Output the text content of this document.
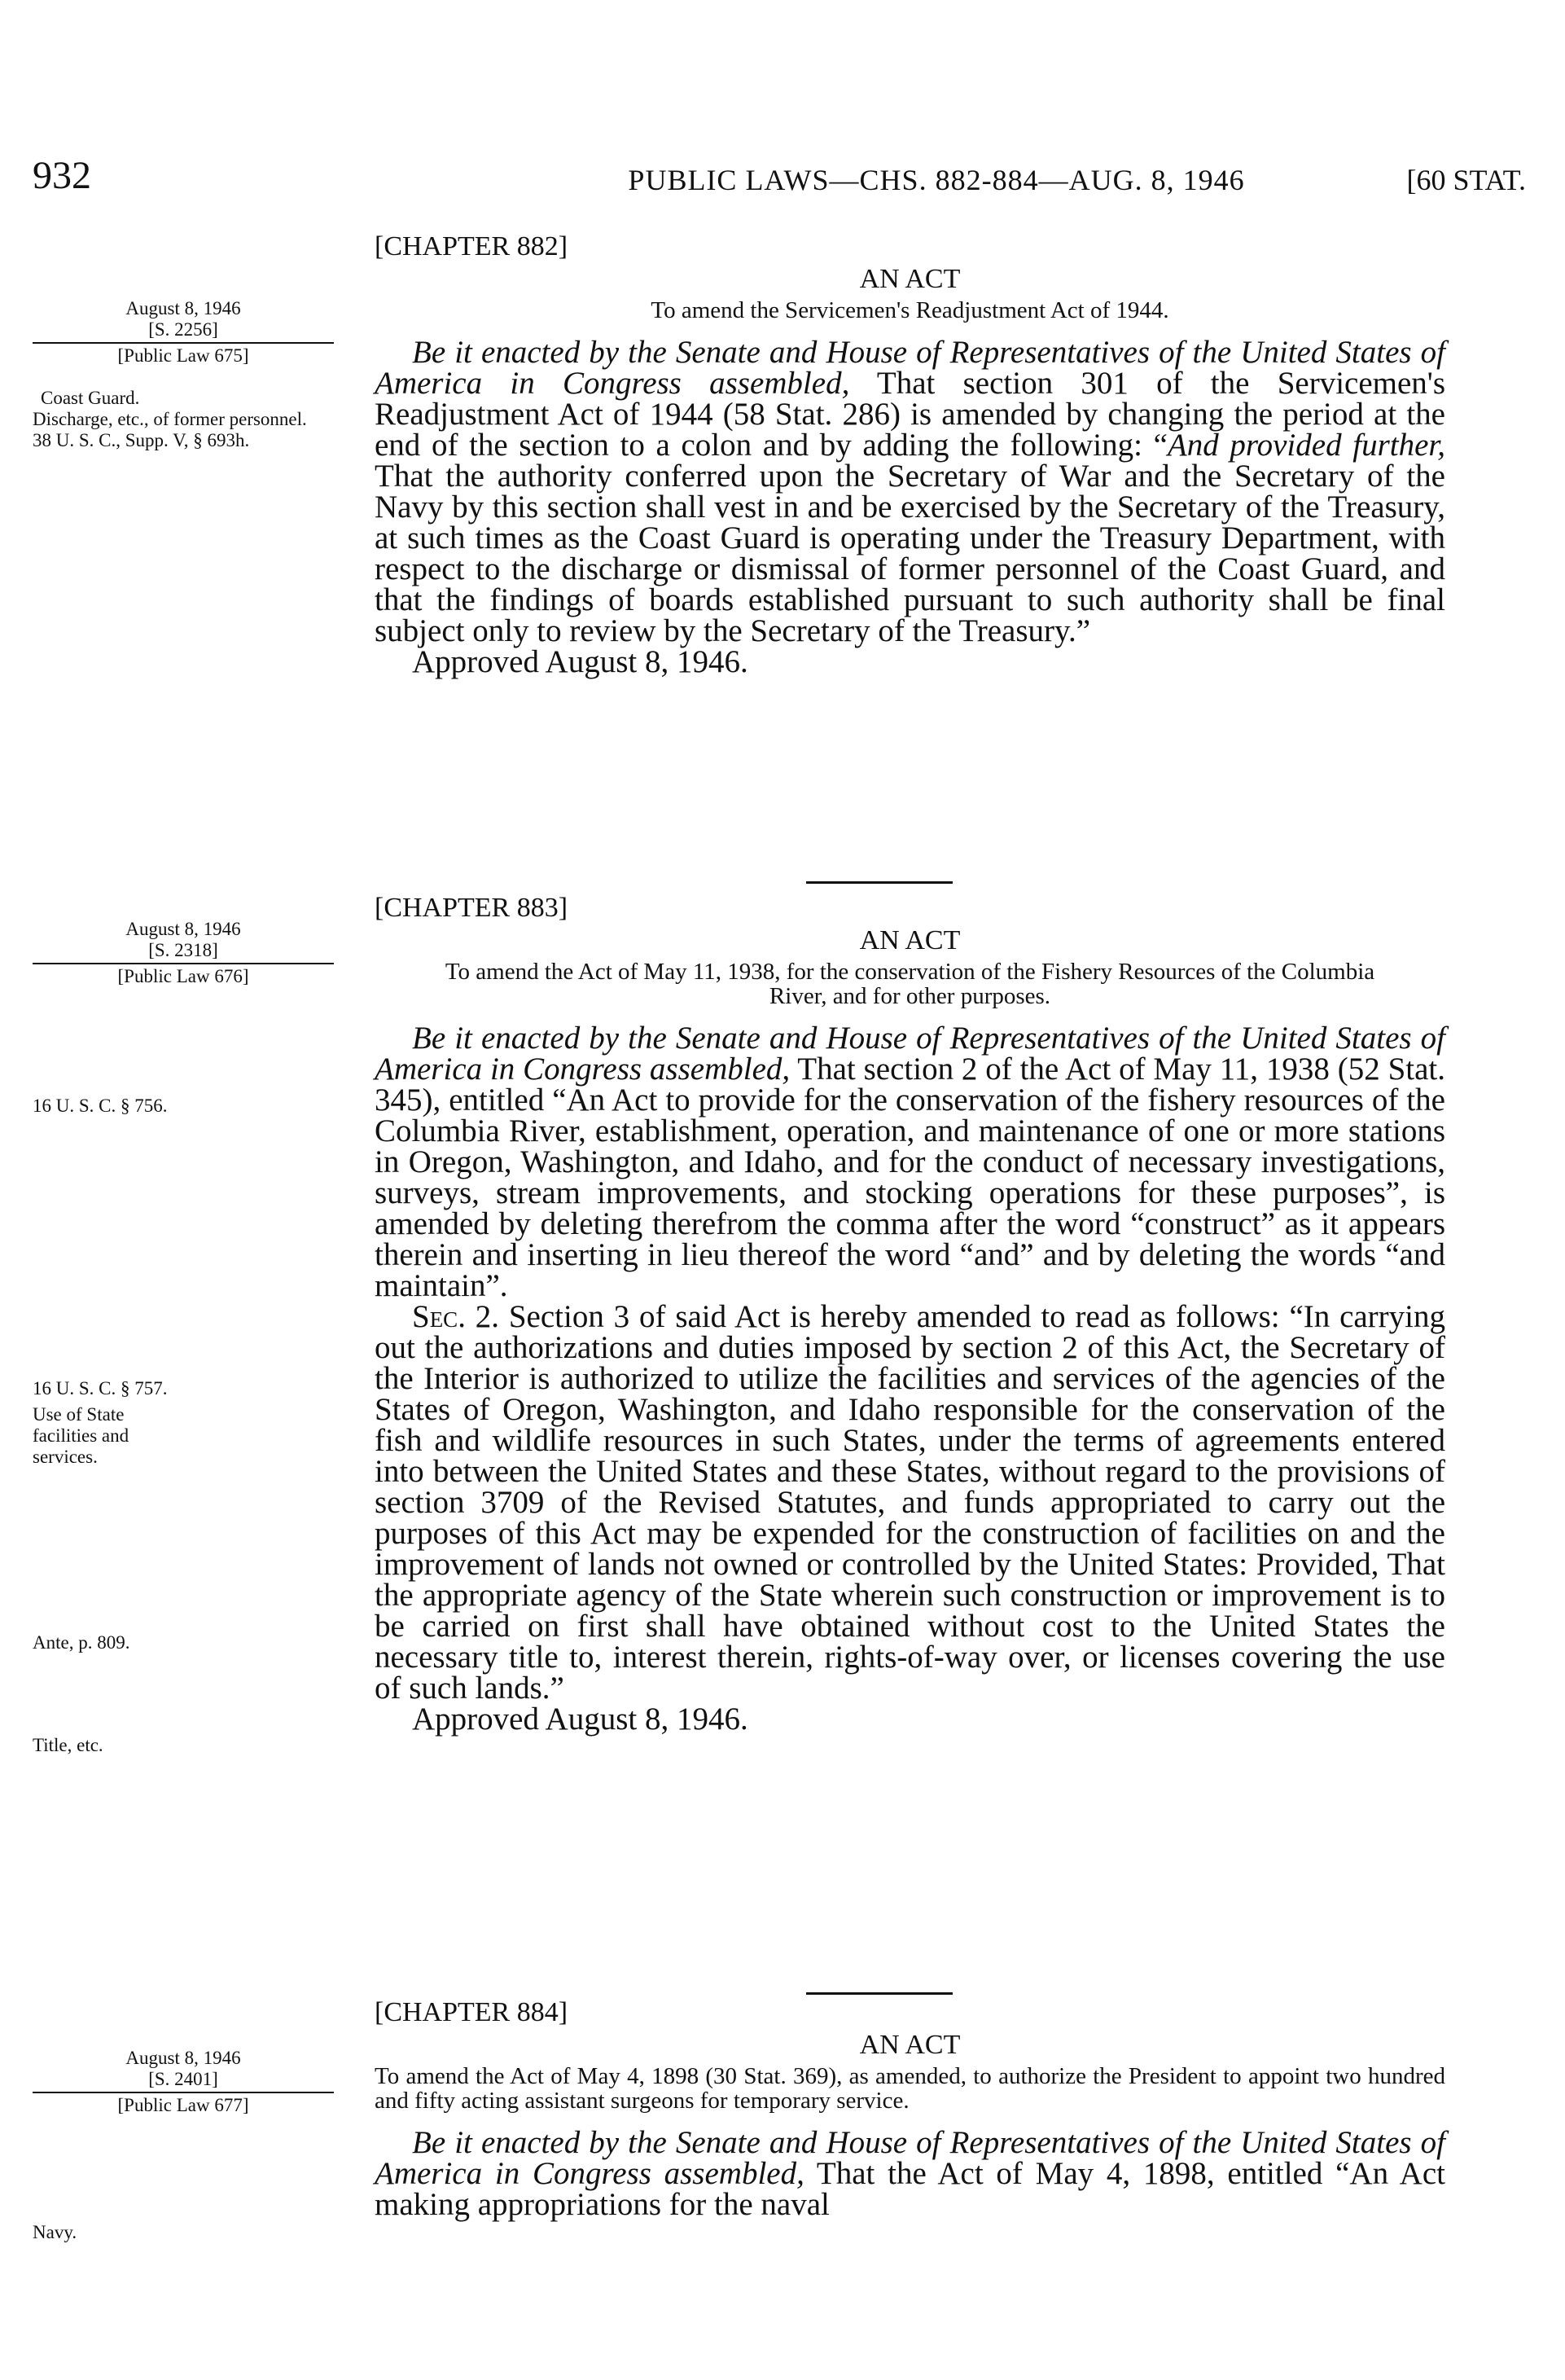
932	PUBLIC LAWS—CHS. 882-884—AUG. 8, 1946	[60 STAT.
August 8, 1946
[S. 2256]
[Public Law 675]
Coast Guard.
Discharge, etc., of former personnel.
38 U. S. C., Supp. V, § 693h.
[CHAPTER 882]
AN ACT
To amend the Servicemen's Readjustment Act of 1944.
Be it enacted by the Senate and House of Representatives of the United States of America in Congress assembled, That section 301 of the Servicemen's Readjustment Act of 1944 (58 Stat. 286) is amended by changing the period at the end of the section to a colon and by adding the following: “And provided further, That the authority conferred upon the Secretary of War and the Secretary of the Navy by this section shall vest in and be exercised by the Secretary of the Treasury, at such times as the Coast Guard is operating under the Treasury Department, with respect to the discharge or dismissal of former personnel of the Coast Guard, and that the findings of boards established pursuant to such authority shall be final subject only to review by the Secretary of the Treasury.”
Approved August 8, 1946.
August 8, 1946
[S. 2318]
[Public Law 676]
16 U. S. C. § 756.
16 U. S. C. § 757.
Use of State facilities and services.
Ante, p. 809.
Title, etc.
[CHAPTER 883]
AN ACT
To amend the Act of May 11, 1938, for the conservation of the Fishery Resources of the Columbia River, and for other purposes.
Be it enacted by the Senate and House of Representatives of the United States of America in Congress assembled, That section 2 of the Act of May 11, 1938 (52 Stat. 345), entitled “An Act to provide for the conservation of the fishery resources of the Columbia River, establishment, operation, and maintenance of one or more stations in Oregon, Washington, and Idaho, and for the conduct of necessary investigations, surveys, stream improvements, and stocking operations for these purposes”, is amended by deleting therefrom the comma after the word “construct” as it appears therein and inserting in lieu thereof the word “and” and by deleting the words “and maintain”.
Sec. 2. Section 3 of said Act is hereby amended to read as follows: “In carrying out the authorizations and duties imposed by section 2 of this Act, the Secretary of the Interior is authorized to utilize the facilities and services of the agencies of the States of Oregon, Washington, and Idaho responsible for the conservation of the fish and wildlife resources in such States, under the terms of agreements entered into between the United States and these States, without regard to the provisions of section 3709 of the Revised Statutes, and funds appropriated to carry out the purposes of this Act may be expended for the construction of facilities on and the improvement of lands not owned or controlled by the United States: Provided, That the appropriate agency of the State wherein such construction or improvement is to be carried on first shall have obtained without cost to the United States the necessary title to, interest therein, rights-of-way over, or licenses covering the use of such lands.”
Approved August 8, 1946.
August 8, 1946
[S. 2401]
[Public Law 677]
Navy.
[CHAPTER 884]
AN ACT
To amend the Act of May 4, 1898 (30 Stat. 369), as amended, to authorize the President to appoint two hundred and fifty acting assistant surgeons for temporary service.
Be it enacted by the Senate and House of Representatives of the United States of America in Congress assembled, That the Act of May 4, 1898, entitled “An Act making appropriations for the naval
